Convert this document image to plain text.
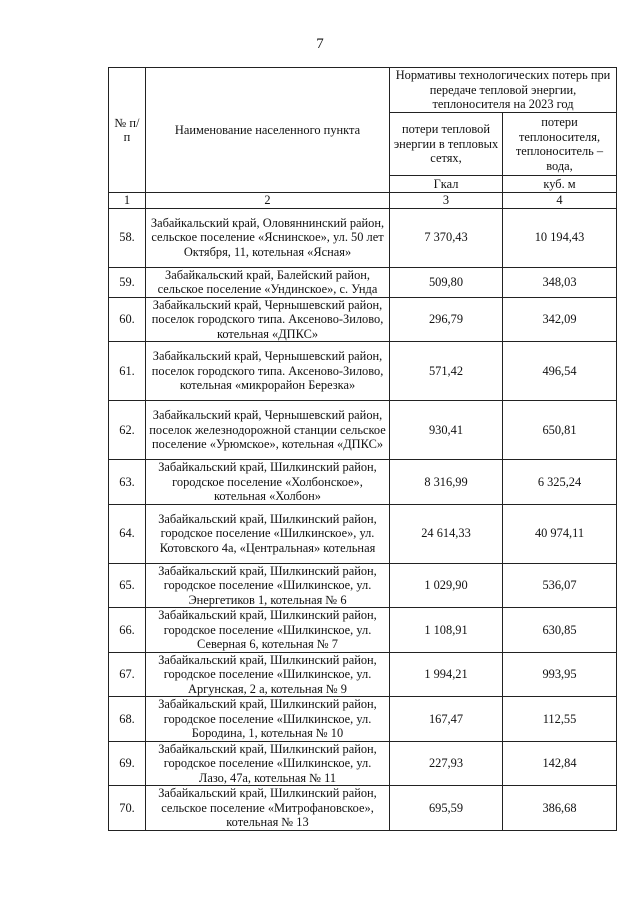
7
№ п/п	Наименование населенного пункта	Нормативы технологических потерь при передаче тепловой энергии, теплоносителя на 2023 год	
		потери тепловой энергии в тепловых сетях,	потери теплоносителя, теплоноситель – вода,
		Гкал	куб. м
1	2	3	4
58.	Забайкальский край, Оловяннинский район, сельское поселение «Яснинское», ул. 50 лет Октября, 11, котельная «Ясная»	7 370,43	10 194,43
59.	Забайкальский край, Балейский район, сельское поселение «Ундинское», с. Унда	509,80	348,03
60.	Забайкальский край, Чернышевский район, поселок городского типа. Аксеново-Зилово, котельная «ДПКС»	296,79	342,09
61.	Забайкальский край, Чернышевский район, поселок городского типа. Аксеново-Зилово, котельная «микрорайон Березка»	571,42	496,54
62.	Забайкальский край, Чернышевский район, поселок железнодорожной станции сельское поселение «Урюмское», котельная «ДПКС»	930,41	650,81
63.	Забайкальский край, Шилкинский район, городское поселение «Холбонское», котельная «Холбон»	8 316,99	6 325,24
64.	Забайкальский край, Шилкинский район, городское поселение «Шилкинское», ул. Котовского 4а, «Центральная» котельная	24 614,33	40 974,11
65.	Забайкальский край, Шилкинский район, городское поселение «Шилкинское, ул. Энергетиков 1, котельная № 6	1 029,90	536,07
66.	Забайкальский край, Шилкинский район, городское поселение «Шилкинское, ул. Северная 6, котельная № 7	1 108,91	630,85
67.	Забайкальский край, Шилкинский район, городское поселение «Шилкинское, ул. Аргунская, 2 а, котельная № 9	1 994,21	993,95
68.	Забайкальский край, Шилкинский район, городское поселение «Шилкинское, ул. Бородина, 1, котельная № 10	167,47	112,55
69.	Забайкальский край, Шилкинский район, городское поселение «Шилкинское, ул. Лазо, 47а, котельная № 11	227,93	142,84
70.	Забайкальский край, Шилкинский район, сельское поселение «Митрофановское», котельная № 13	695,59	386,68
